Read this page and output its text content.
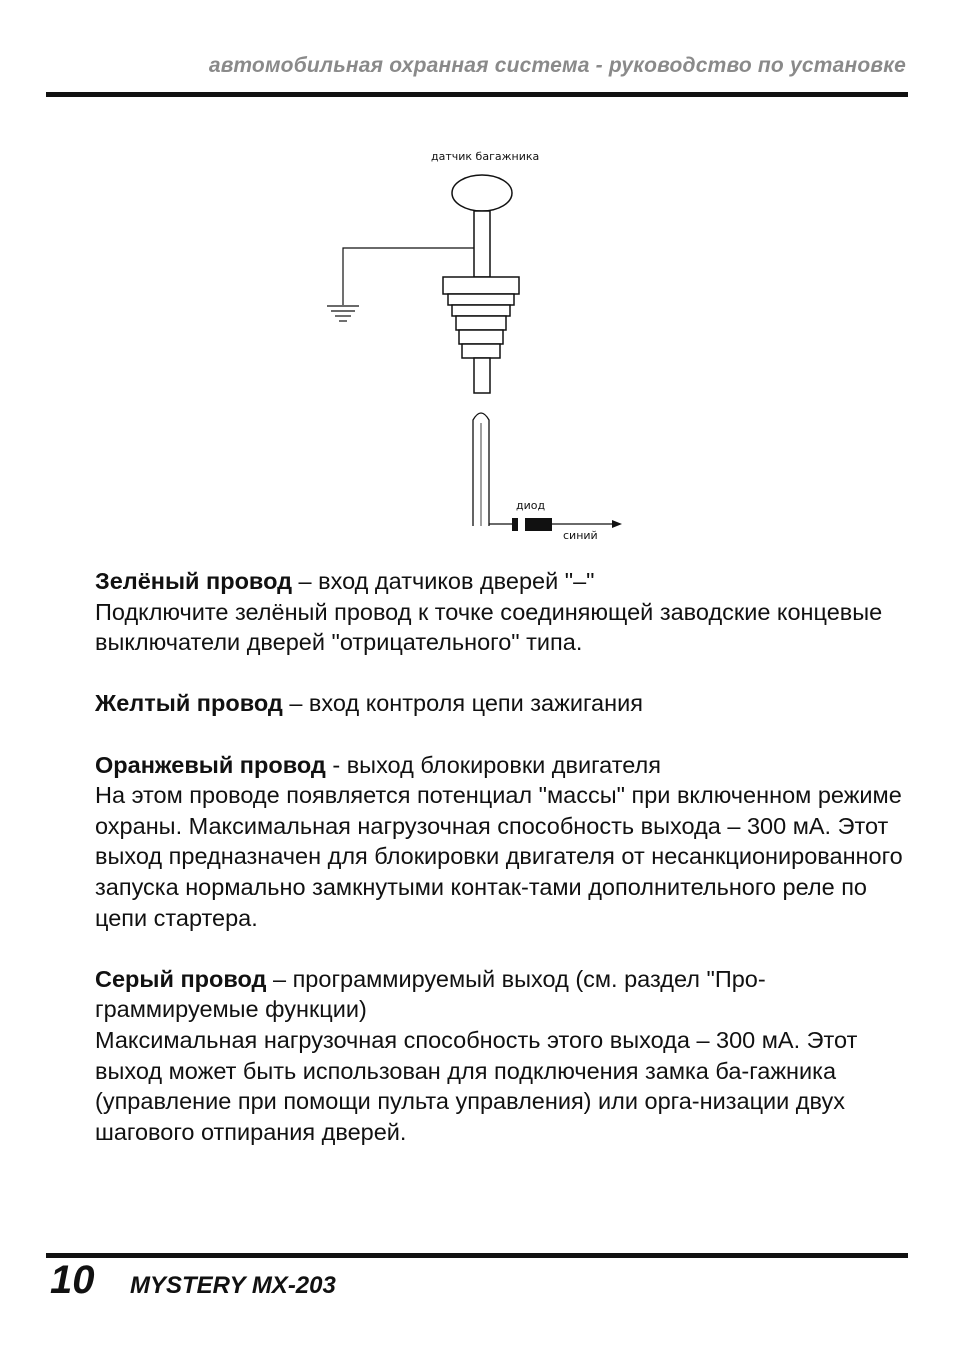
автомобильная охранная система - руководство по установке
датчик багажника
диод
синий

Зелёный провод – вход датчиков дверей "–"
Подключите зелёный провод к точке соединяющей заводские концевые выключатели дверей "отрицательного" типа.

Желтый провод – вход контроля цепи зажигания

Оранжевый провод - выход блокировки двигателя
На этом проводе появляется потенциал "массы" при включенном режиме охраны. Максимальная нагрузочная способность выхода – 300 мА. Этот выход предназначен для блокировки двигателя от несанкционированного запуска нормально замкнутыми контак-тами дополнительного реле по цепи стартера.

Серый провод – программируемый выход (см. раздел "Про-граммируемые функции)
Максимальная нагрузочная способность этого выхода – 300 мА. Этот выход может быть использован для подключения замка ба-гажника (управление при помощи пульта управления) или орга-низации двух шагового отпирания дверей.

10 MYSTERY MX-203
